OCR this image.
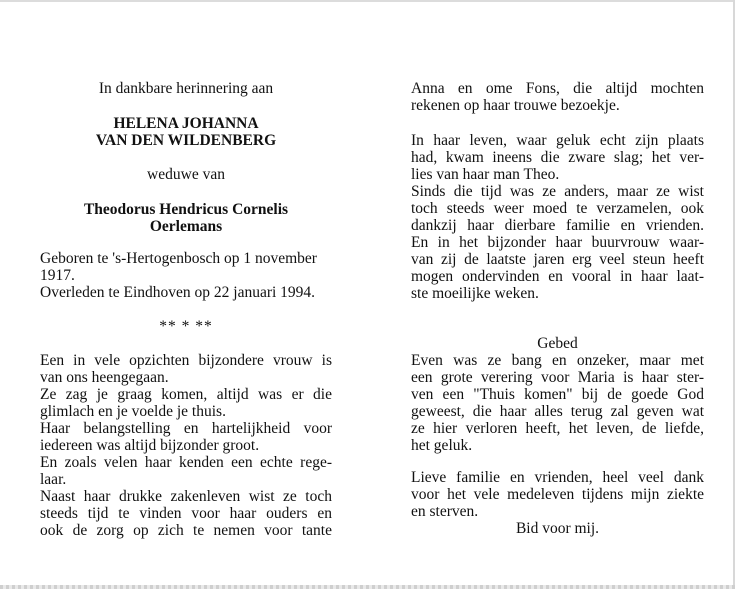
In dankbare herinnering aan
HELENA JOHANNA
VAN DEN WILDENBERG
weduwe van
Theodorus Hendricus Cornelis
Oerlemans
Geboren te 's-Hertogenbosch op 1 november
1917.
Overleden te Eindhoven op 22 januari 1994.
** * **
Een in vele opzichten bijzondere vrouw is
van ons heengegaan.
Ze zag je graag komen, altijd was er die
glimlach en je voelde je thuis.
Haar belangstelling en hartelijkheid voor
iedereen was altijd bijzonder groot.
En zoals velen haar kenden een echte rege-
laar.
Naast haar drukke zakenleven wist ze toch
steeds tijd te vinden voor haar ouders en
ook de zorg op zich te nemen voor tante
Anna en ome Fons, die altijd mochten
rekenen op haar trouwe bezoekje.
In haar leven, waar geluk echt zijn plaats
had, kwam ineens die zware slag; het ver-
lies van haar man Theo.
Sinds die tijd was ze anders, maar ze wist
toch steeds weer moed te verzamelen, ook
dankzij haar dierbare familie en vrienden.
En in het bijzonder haar buurvrouw waar-
van zij de laatste jaren erg veel steun heeft
mogen ondervinden en vooral in haar laat-
ste moeilijke weken.
Gebed
Even was ze bang en onzeker, maar met
een grote verering voor Maria is haar ster-
ven een "Thuis komen" bij de goede God
geweest, die haar alles terug zal geven wat
ze hier verloren heeft, het leven, de liefde,
het geluk.
Lieve familie en vrienden, heel veel dank
voor het vele medeleven tijdens mijn ziekte
en sterven.
Bid voor mij.
